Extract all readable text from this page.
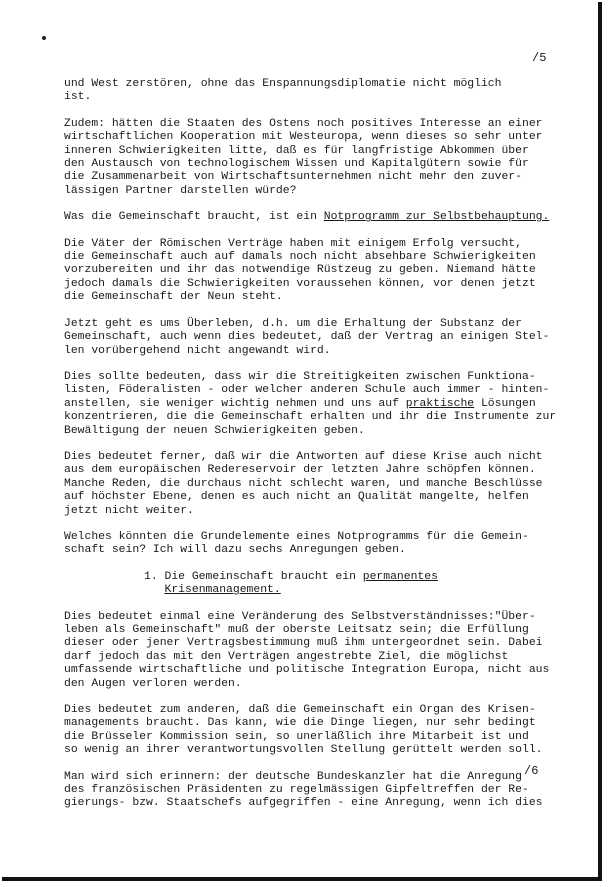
/5
und West zerstören, ohne das Enspannungsdiplomatie nicht möglich
ist.
Zudem: hätten die Staaten des Ostens noch positives Interesse an einer
wirtschaftlichen Kooperation mit Westeuropa, wenn dieses so sehr unter
inneren Schwierigkeiten litte, daß es für langfristige Abkommen über
den Austausch von technologischem Wissen und Kapitalgütern sowie für
die Zusammenarbeit von Wirtschaftsunternehmen nicht mehr den zuver-
lässigen Partner darstellen würde?
Was die Gemeinschaft braucht, ist ein Notprogramm zur Selbstbehauptung.
Die Väter der Römischen Verträge haben mit einigem Erfolg versucht,
die Gemeinschaft auch auf damals noch nicht absehbare Schwierigkeiten
vorzubereiten und ihr das notwendige Rüstzeug zu geben. Niemand hätte
jedoch damals die Schwierigkeiten voraussehen können, vor denen jetzt
die Gemeinschaft der Neun steht.
Jetzt geht es ums Überleben, d.h. um die Erhaltung der Substanz der
Gemeinschaft, auch wenn dies bedeutet, daß der Vertrag an einigen Stel-
len vorübergehend nicht angewandt wird.
Dies sollte bedeuten, dass wir die Streitigkeiten zwischen Funktiona-
listen, Föderalisten - oder welcher anderen Schule auch immer - hinten-
anstellen, sie weniger wichtig nehmen und uns auf praktische Lösungen
konzentrieren, die die Gemeinschaft erhalten und ihr die Instrumente zur
Bewältigung der neuen Schwierigkeiten geben.
Dies bedeutet ferner, daß wir die Antworten auf diese Krise auch nicht
aus dem europäischen Redereservoir der letzten Jahre schöpfen können.
Manche Reden, die durchaus nicht schlecht waren, und manche Beschlüsse
auf höchster Ebene, denen es auch nicht an Qualität mangelte, helfen
jetzt nicht weiter.
Welches könnten die Grundelemente eines Notprogramms für die Gemein-
schaft sein? Ich will dazu sechs Anregungen geben.
1. Die Gemeinschaft braucht ein permanentes
Krisenmanagement.
Dies bedeutet einmal eine Veränderung des Selbstverständnisses:"Über-
leben als Gemeinschaft" muß der oberste Leitsatz sein; die Erfüllung
dieser oder jener Vertragsbestimmung muß ihm untergeordnet sein. Dabei
darf jedoch das mit den Verträgen angestrebte Ziel, die möglichst
umfassende wirtschaftliche und politische Integration Europa, nicht aus
den Augen verloren werden.
Dies bedeutet zum anderen, daß die Gemeinschaft ein Organ des Krisen-
managements braucht. Das kann, wie die Dinge liegen, nur sehr bedingt
die Brüsseler Kommission sein, so unerläßlich ihre Mitarbeit ist und
so wenig an ihrer verantwortungsvollen Stellung gerüttelt werden soll.
Man wird sich erinnern: der deutsche Bundeskanzler hat die Anregung
des französischen Präsidenten zu regelmässigen Gipfeltreffen der Re-
gierungs- bzw. Staatschefs aufgegriffen - eine Anregung, wenn ich dies
/6
